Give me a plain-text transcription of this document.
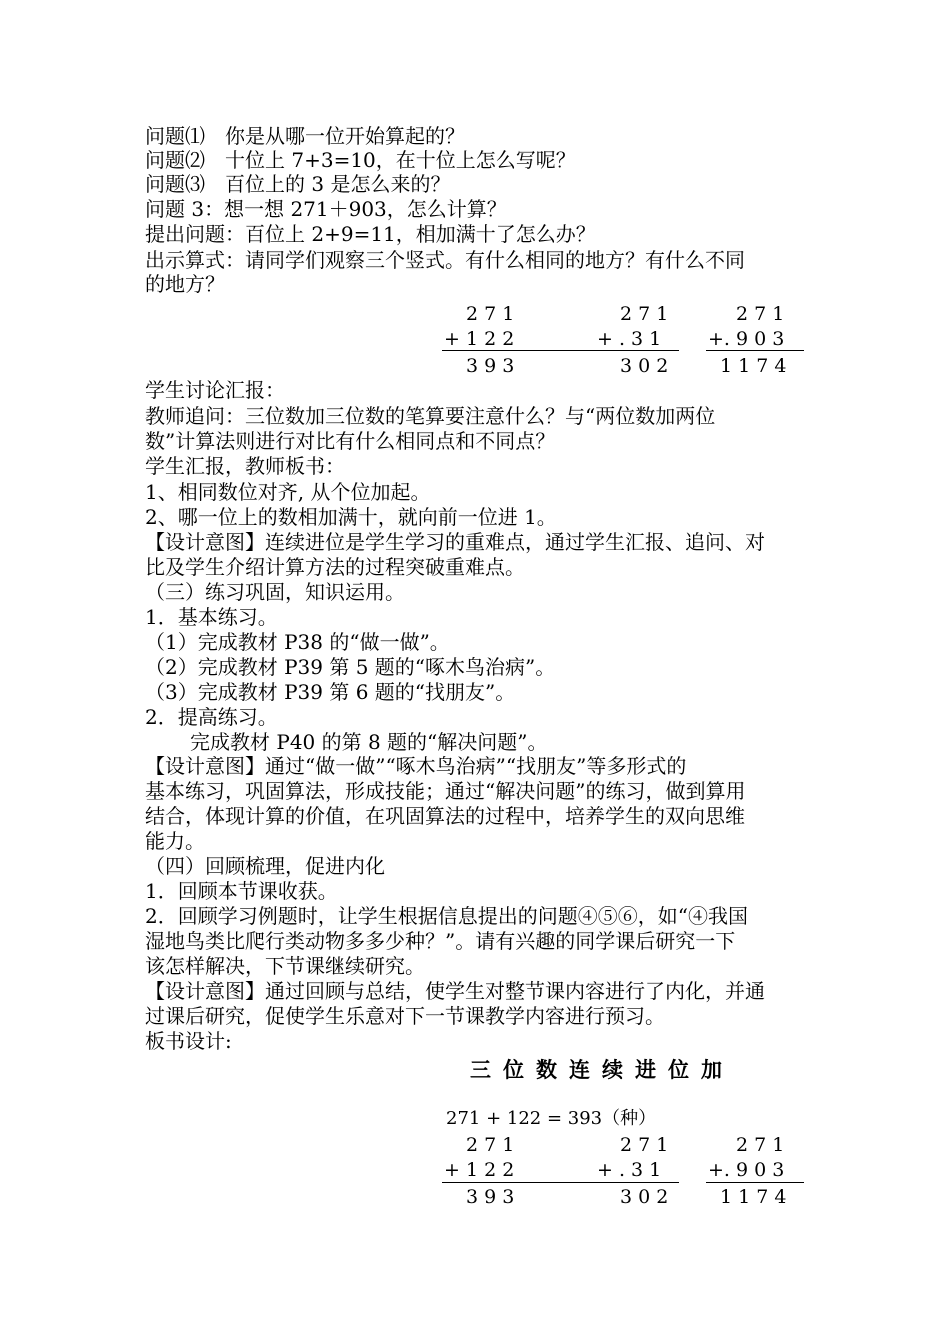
问题⑴　你是从哪一位开始算起的？
问题⑵　十位上 7+3=10，在十位上怎么写呢？
问题⑶　百位上的 3 是怎么来的？
问题 3：想一想 271＋903，怎么计算？
提出问题：百位上 2+9=11，相加满十了怎么办？
出示算式：请同学们观察三个竖式。有什么相同的地方？有什么不同
的地方？
2 7 1
+ 1 2 2
3 9 3
2 7 1
+ . 3 1
3 0 2
2 7 1
+. 9 0 3
1 1 7 4
学生讨论汇报：
教师追问：三位数加三位数的笔算要注意什么？与“两位数加两位
数”计算法则进行对比有什么相同点和不同点？
学生汇报，教师板书：
1、相同数位对齐, 从个位加起。
2、哪一位上的数相加满十，就向前一位进 1。
【设计意图】连续进位是学生学习的重难点，通过学生汇报、追问、对
比及学生介绍计算方法的过程突破重难点。
（三）练习巩固，知识运用。
1．基本练习。
（1）完成教材 P38 的“做一做”。
（2）完成教材 P39 第 5 题的“啄木鸟治病”。
（3）完成教材 P39 第 6 题的“找朋友”。
2．提高练习。
完成教材 P40 的第 8 题的“解决问题”。
【设计意图】通过“做一做”“啄木鸟治病”“找朋友”等多形式的
基本练习，巩固算法，形成技能；通过“解决问题”的练习，做到算用
结合，体现计算的价值，在巩固算法的过程中，培养学生的双向思维
能力。
（四）回顾梳理，促进内化
1．回顾本节课收获。
2．回顾学习例题时，让学生根据信息提出的问题④⑤⑥，如“④我国
湿地鸟类比爬行类动物多多少种？”。请有兴趣的同学课后研究一下
该怎样解决，下节课继续研究。
【设计意图】通过回顾与总结，使学生对整节课内容进行了内化，并通
过课后研究，促使学生乐意对下一节课教学内容进行预习。
板书设计:
三位数连续进位加
271 + 122 = 393（种）
2 7 1
+ 1 2 2
3 9 3
2 7 1
+ . 3 1
3 0 2
2 7 1
+. 9 0 3
1 1 7 4
